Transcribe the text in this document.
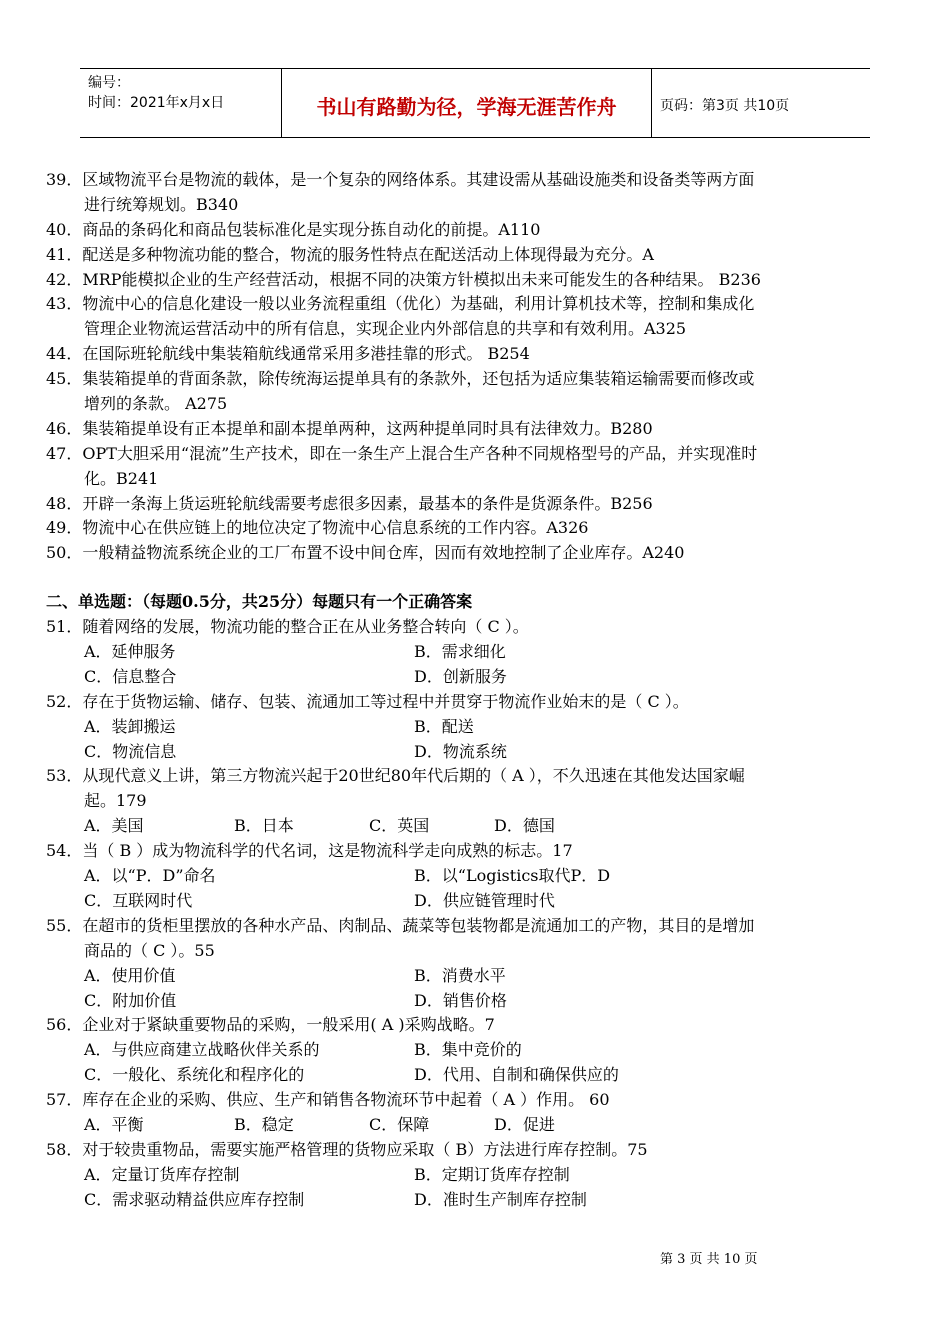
编号：
时间：2021年x月x日	书山有路勤为径，学海无涯苦作舟	页码：第3页 共10页
39．区域物流平台是物流的载体，是一个复杂的网络体系。其建设需从基础设施类和设备类等两方面
进行统筹规划。B340
40．商品的条码化和商品包装标准化是实现分拣自动化的前提。A110
41．配送是多种物流功能的整合，物流的服务性特点在配送活动上体现得最为充分。A
42．MRP能模拟企业的生产经营活动，根据不同的决策方针模拟出未来可能发生的各种结果。 B236
43．物流中心的信息化建设一般以业务流程重组（优化）为基础，利用计算机技术等，控制和集成化
管理企业物流运营活动中的所有信息，实现企业内外部信息的共享和有效利用。A325
44．在国际班轮航线中集装箱航线通常采用多港挂靠的形式。 B254
45．集装箱提单的背面条款，除传统海运提单具有的条款外，还包括为适应集装箱运输需要而修改或
增列的条款。 A275
46．集装箱提单设有正本提单和副本提单两种，这两种提单同时具有法律效力。B280
47．OPT大胆采用“混流”生产技术，即在一条生产上混合生产各种不同规格型号的产品，并实现准时
化。B241
48．开辟一条海上货运班轮航线需要考虑很多因素，最基本的条件是货源条件。B256
49．物流中心在供应链上的地位决定了物流中心信息系统的工作内容。A326
50．一般精益物流系统企业的工厂布置不设中间仓库，因而有效地控制了企业库存。A240
二、单选题：（每题0.5分，共25分）每题只有一个正确答案
51．随着网络的发展，物流功能的整合正在从业务整合转向（ C ）。
A．延伸服务	B．需求细化
C．信息整合	D．创新服务
52．存在于货物运输、储存、包装、流通加工等过程中并贯穿于物流作业始末的是（ C ）。
A．装卸搬运	B．配送
C．物流信息	D．物流系统
53．从现代意义上讲，第三方物流兴起于20世纪80年代后期的（ A ），不久迅速在其他发达国家崛
起。179
A．美国	B．日本	C．英国	D．德国
54．当（ B ）成为物流科学的代名词，这是物流科学走向成熟的标志。17
A．以“P．D”命名	B．以“Logistics取代P．D
C．互联网时代	D．供应链管理时代
55．在超市的货柜里摆放的各种水产品、肉制品、蔬菜等包装物都是流通加工的产物，其目的是增加
商品的（ C ）。55
A．使用价值	B．消费水平
C．附加价值	D．销售价格
56．企业对于紧缺重要物品的采购，一般采用( A )采购战略。7
A．与供应商建立战略伙伴关系的	B．集中竞价的
C．一般化、系统化和程序化的	D．代用、自制和确保供应的
57．库存在企业的采购、供应、生产和销售各物流环节中起着（ A ）作用。 60
A．平衡	B．稳定	C．保障	D．促进
58．对于较贵重物品，需要实施严格管理的货物应采取（ B）方法进行库存控制。75
A．定量订货库存控制	B．定期订货库存控制
C．需求驱动精益供应库存控制	D．准时生产制库存控制
第 3 页 共 10 页
